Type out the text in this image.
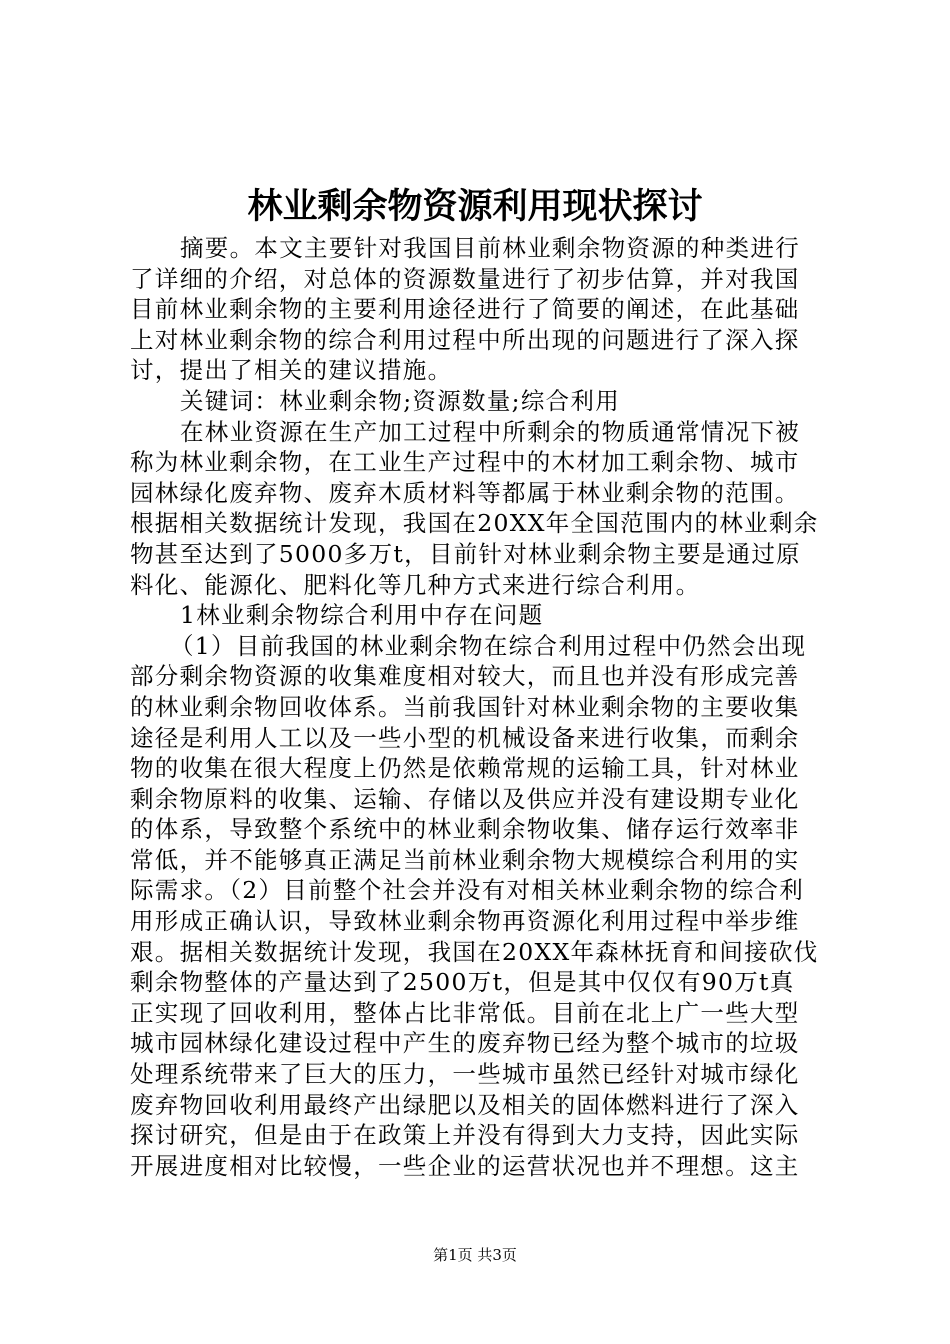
林业剩余物资源利用现状探讨
摘要。本文主要针对我国目前林业剩余物资源的种类进行
了详细的介绍，对总体的资源数量进行了初步估算，并对我国
目前林业剩余物的主要利用途径进行了简要的阐述，在此基础
上对林业剩余物的综合利用过程中所出现的问题进行了深入探
讨，提出了相关的建议措施。
关键词：林业剩余物;资源数量;综合利用
在林业资源在生产加工过程中所剩余的物质通常情况下被
称为林业剩余物，在工业生产过程中的木材加工剩余物、城市
园林绿化废弃物、废弃木质材料等都属于林业剩余物的范围。
根据相关数据统计发现，我国在20XX年全国范围内的林业剩余
物甚至达到了5000多万t，目前针对林业剩余物主要是通过原
料化、能源化、肥料化等几种方式来进行综合利用。
1林业剩余物综合利用中存在问题
（1）目前我国的林业剩余物在综合利用过程中仍然会出现
部分剩余物资源的收集难度相对较大，而且也并没有形成完善
的林业剩余物回收体系。当前我国针对林业剩余物的主要收集
途径是利用人工以及一些小型的机械设备来进行收集，而剩余
物的收集在很大程度上仍然是依赖常规的运输工具，针对林业
剩余物原料的收集、运输、存储以及供应并没有建设期专业化
的体系，导致整个系统中的林业剩余物收集、储存运行效率非
常低，并不能够真正满足当前林业剩余物大规模综合利用的实
际需求。（2）目前整个社会并没有对相关林业剩余物的综合利
用形成正确认识，导致林业剩余物再资源化利用过程中举步维
艰。据相关数据统计发现，我国在20XX年森林抚育和间接砍伐
剩余物整体的产量达到了2500万t，但是其中仅仅有90万t真
正实现了回收利用，整体占比非常低。目前在北上广一些大型
城市园林绿化建设过程中产生的废弃物已经为整个城市的垃圾
处理系统带来了巨大的压力，一些城市虽然已经针对城市绿化
废弃物回收利用最终产出绿肥以及相关的固体燃料进行了深入
探讨研究，但是由于在政策上并没有得到大力支持，因此实际
开展进度相对比较慢，一些企业的运营状况也并不理想。这主
第1页 共3页
